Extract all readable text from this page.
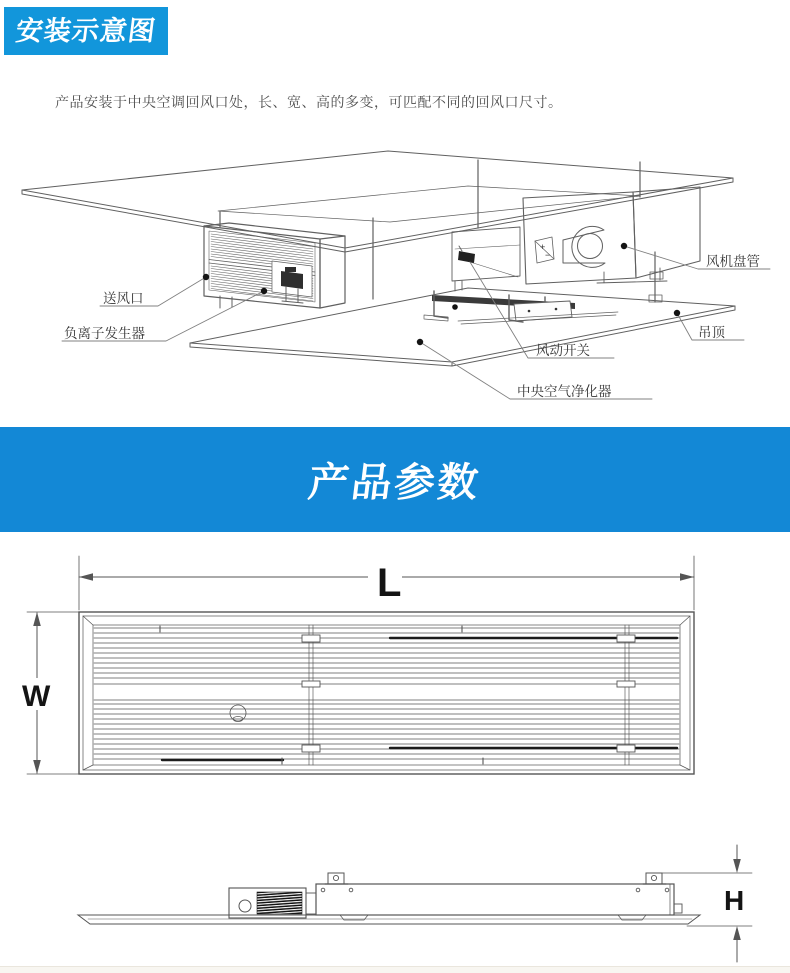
安装示意图
产品安装于中央空调回风口处，长、宽、高的多变，可匹配不同的回风口尺寸。
+
−
送风口
负离子发生器
风机盘管
吊顶
风动开关
中央空气净化器
产品参数
L
W
H
